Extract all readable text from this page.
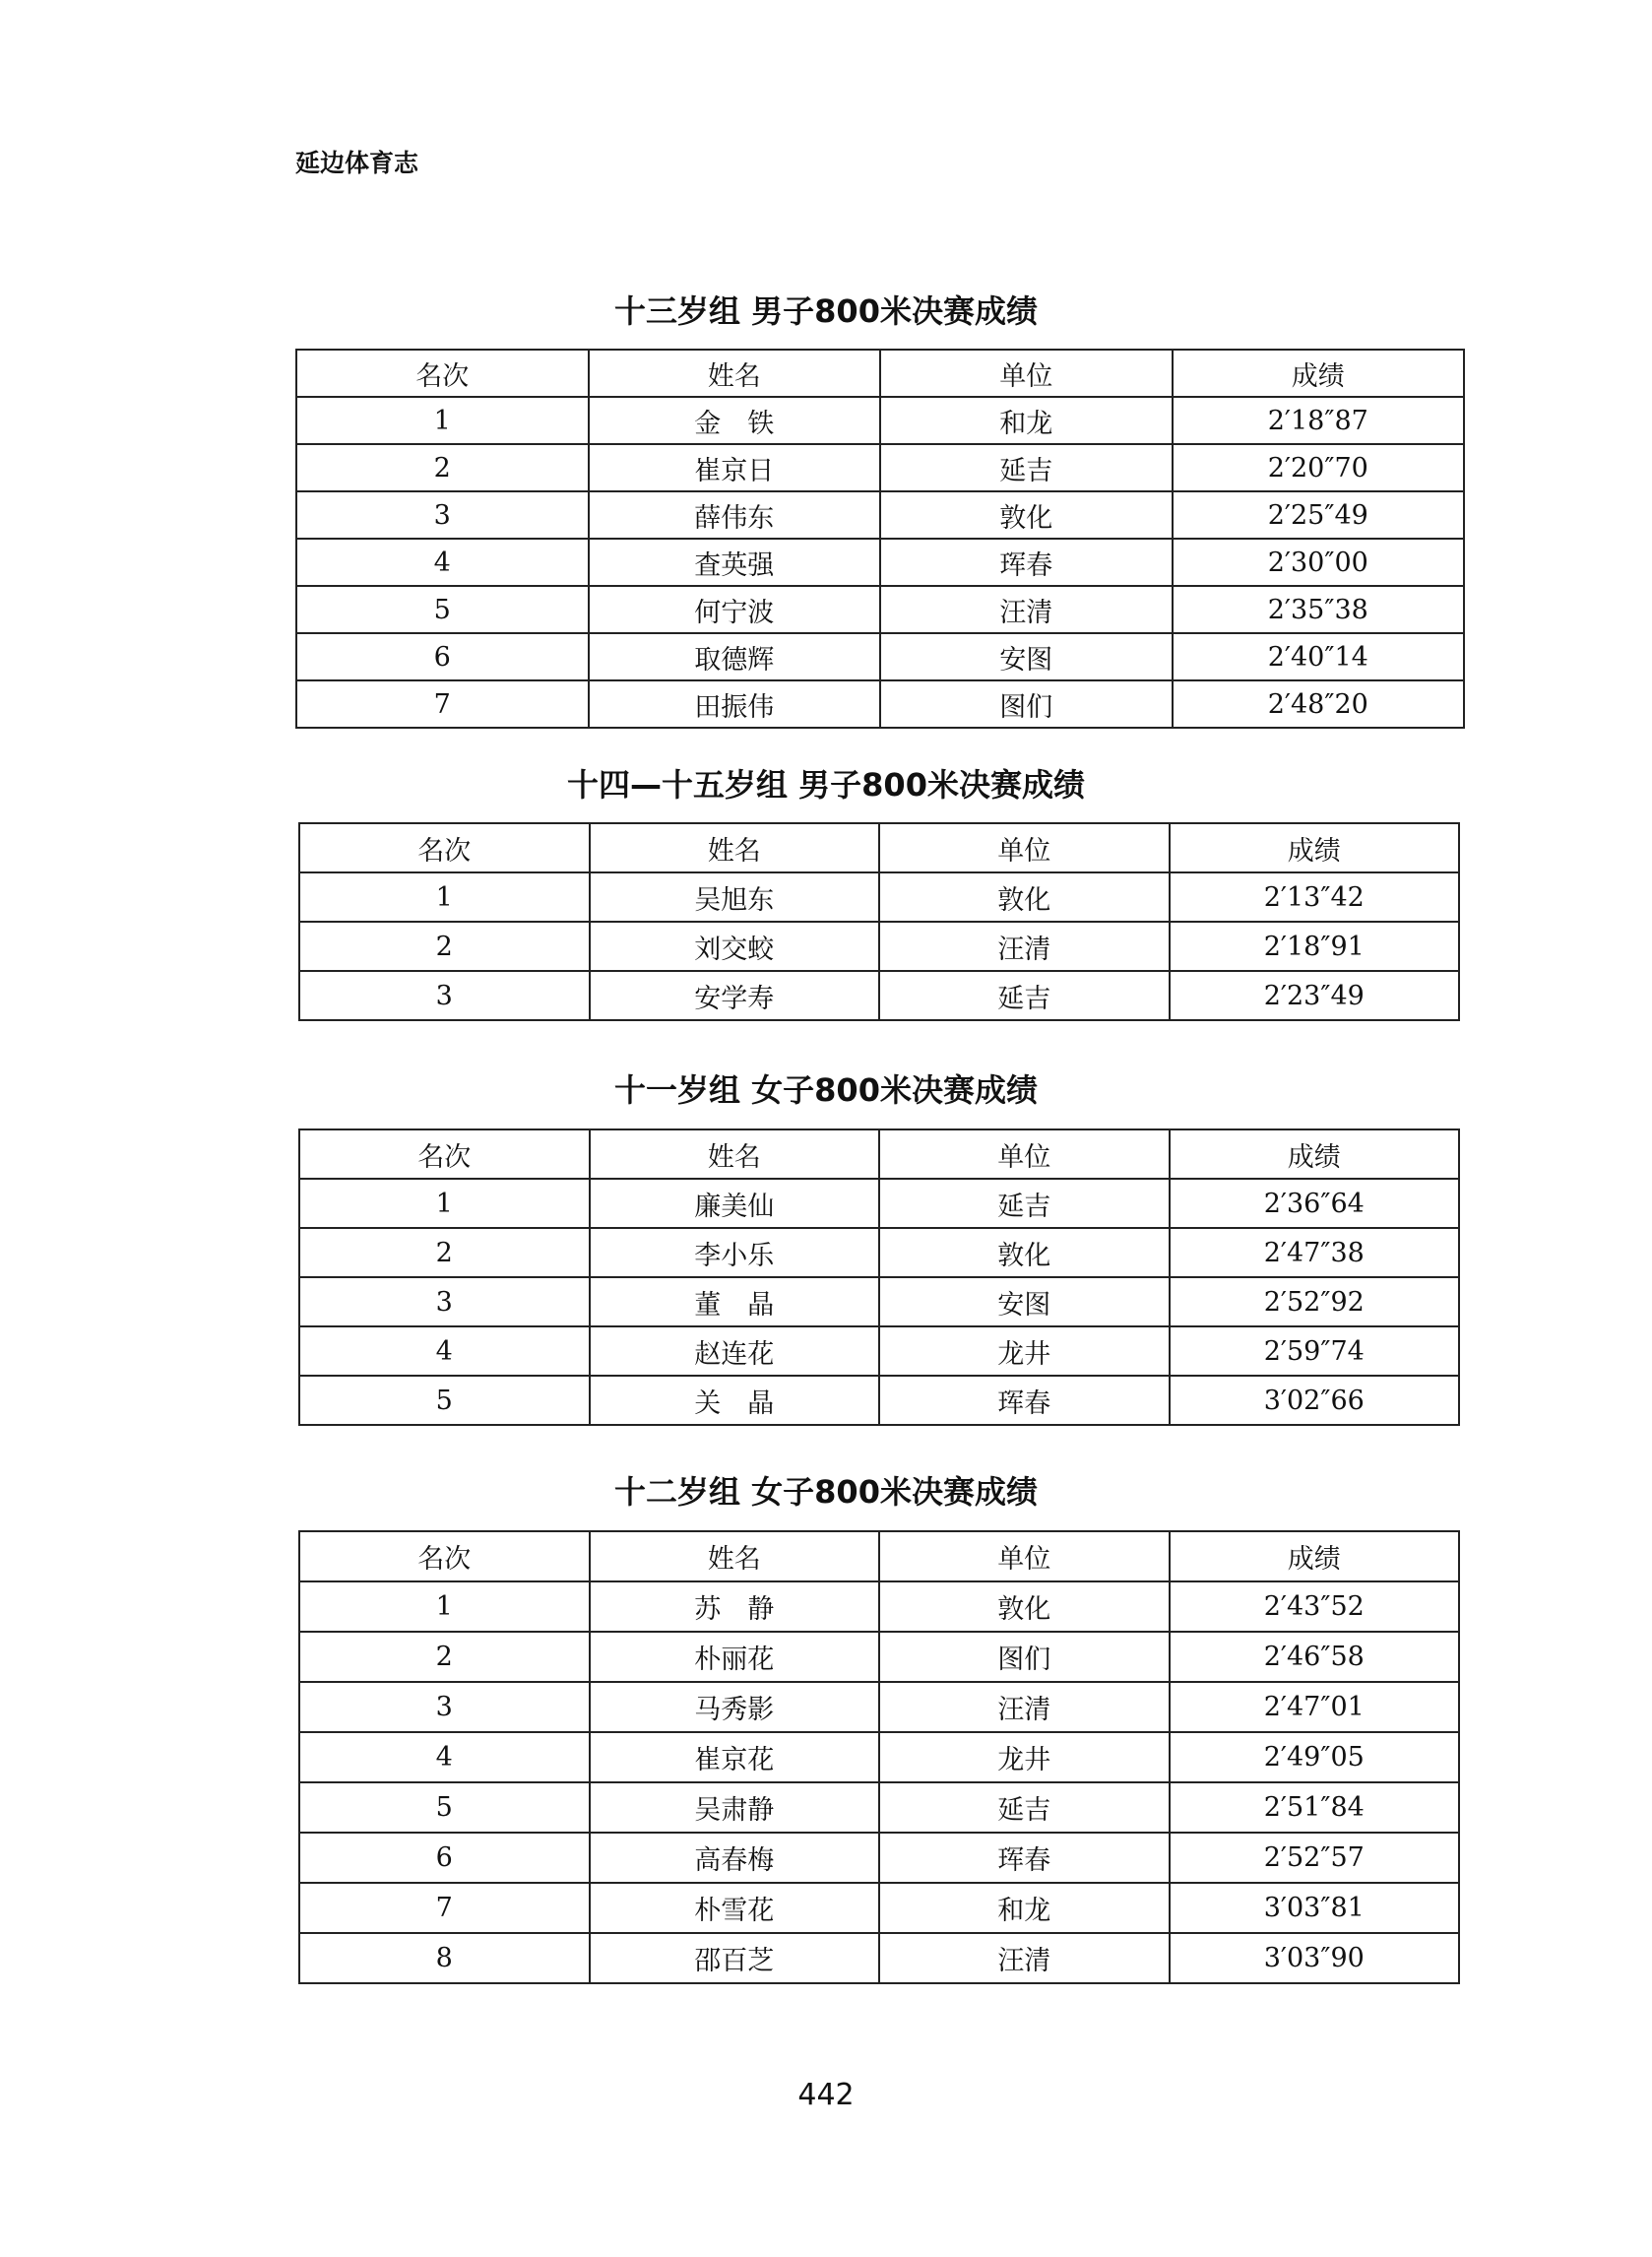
延边体育志
十三岁组 男子800米决赛成绩
名次	姓名	单位	成绩
1	金　铁	和龙	2′18″87
2	崔京日	延吉	2′20″70
3	薛伟东	敦化	2′25″49
4	査英强	珲春	2′30″00
5	何宁波	汪清	2′35″38
6	取德辉	安图	2′40″14
7	田振伟	图们	2′48″20
十四—十五岁组 男子800米决赛成绩
名次	姓名	单位	成绩
1	吴旭东	敦化	2′13″42
2	刘交蛟	汪清	2′18″91
3	安学寿	延吉	2′23″49
十一岁组 女子800米决赛成绩
名次	姓名	单位	成绩
1	廉美仙	延吉	2′36″64
2	李小乐	敦化	2′47″38
3	董　晶	安图	2′52″92
4	赵连花	龙井	2′59″74
5	关　晶	珲春	3′02″66
十二岁组 女子800米决赛成绩
名次	姓名	单位	成绩
1	苏　静	敦化	2′43″52
2	朴丽花	图们	2′46″58
3	马秀影	汪清	2′47″01
4	崔京花	龙井	2′49″05
5	吴肃静	延吉	2′51″84
6	高春梅	珲春	2′52″57
7	朴雪花	和龙	3′03″81
8	邵百芝	汪清	3′03″90
442
